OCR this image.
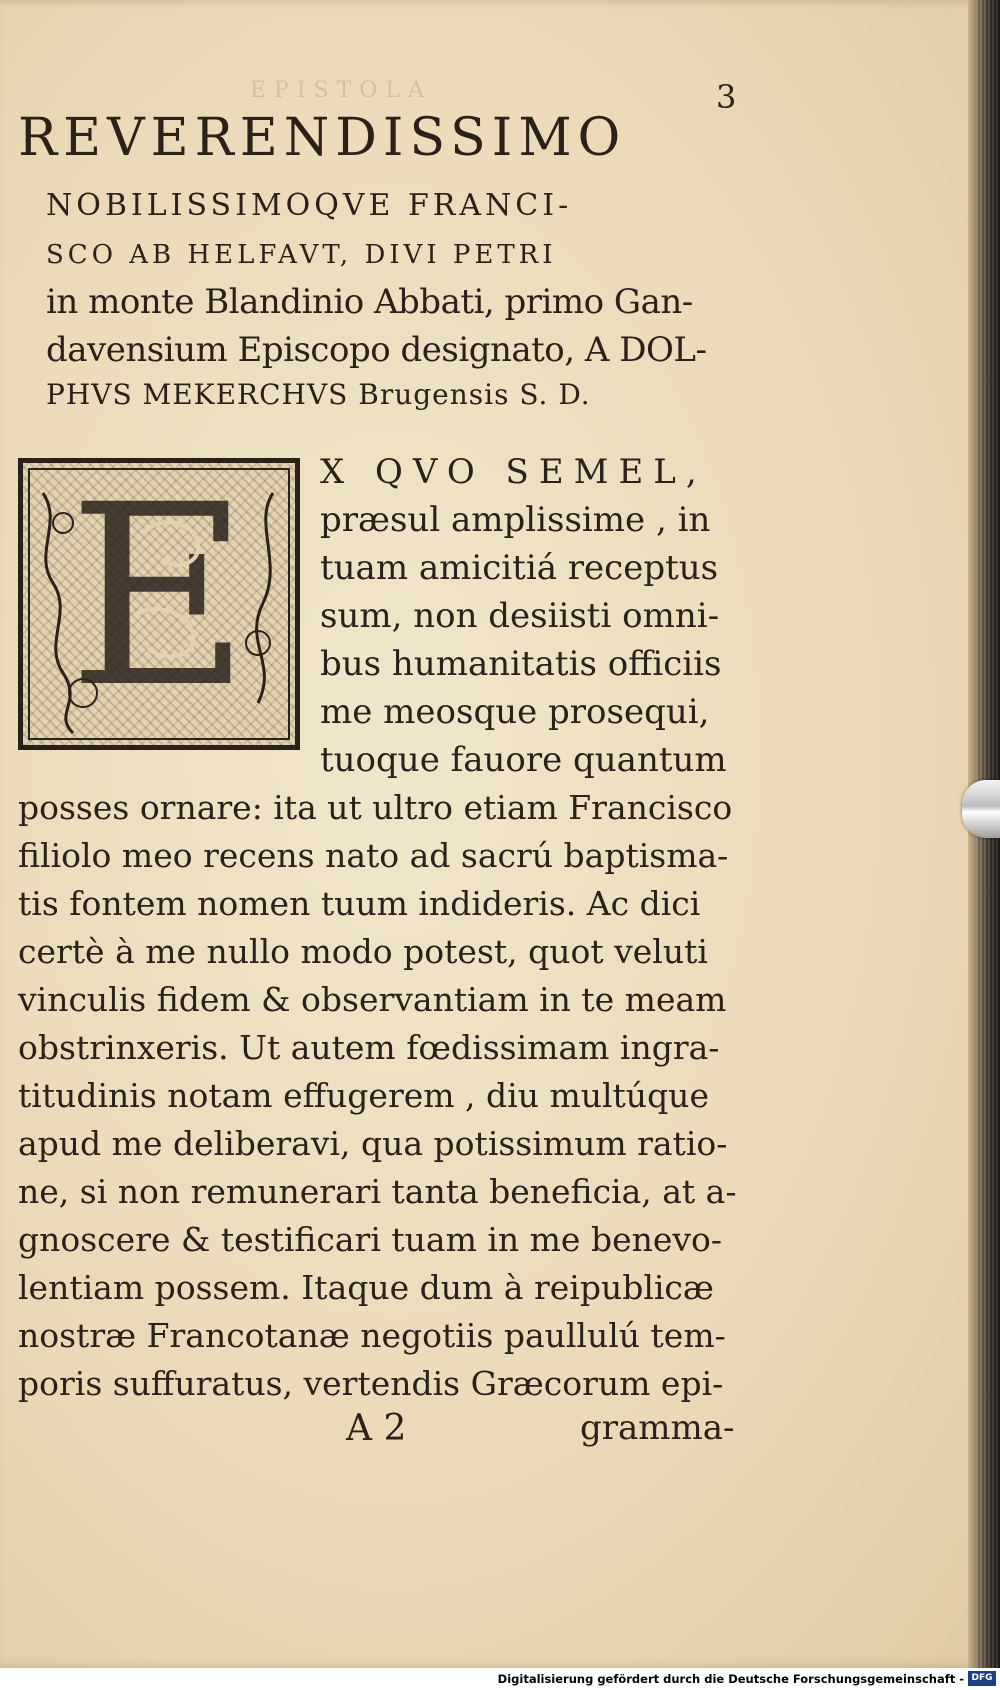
EPISTOLA	3
REVERENDISSIMO
NOBILISSIMOQVE FRANCI-
SCO AB HELFAVT, DIVI PETRI
in monte Blandinio Abbati, primo Gan-
davensium Episcopo designato, A DOL-
PHVS MEKERCHVS Brugensis S. D.
E X QVO SEMEL,
præsul amplissime , in
tuam amicitiá receptus
sum, non desiisti omni-
bus humanitatis officiis
me meosque prosequi,
tuoque fauore quantum
posses ornare: ita ut ultro etiam Francisco
filiolo meo recens nato ad sacrú baptisma-
tis fontem nomen tuum indideris. Ac dici
certè à me nullo modo potest, quot veluti
vinculis fidem & observantiam in te meam
obstrinxeris. Ut autem fœdissimam ingra-
titudinis notam effugerem , diu multúque
apud me deliberavi, qua potissimum ratio-
ne, si non remunerari tanta beneficia, at a-
gnoscere & testificari tuam in me benevo-
lentiam possem. Itaque dum à reipublicæ
nostræ Francotanæ negotiis paullulú tem-
poris suffuratus, vertendis Græcorum epi-
A 2	gramma-
Digitalisierung gefördert durch die Deutsche Forschungsgemeinschaft - DFG
